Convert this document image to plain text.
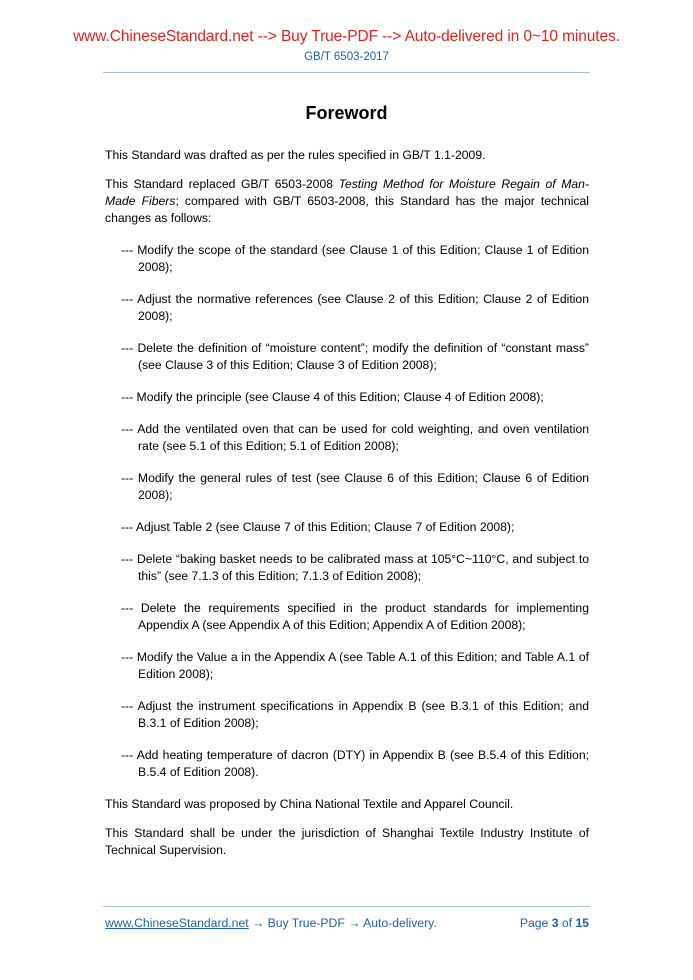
www.ChineseStandard.net --> Buy True-PDF --> Auto-delivered in 0~10 minutes.
GB/T 6503-2017
Foreword

This Standard was drafted as per the rules specified in GB/T 1.1-2009.

This Standard replaced GB/T 6503-2008 Testing Method for Moisture Regain of Man-Made Fibers; compared with GB/T 6503-2008, this Standard has the major technical changes as follows:

--- Modify the scope of the standard (see Clause 1 of this Edition; Clause 1 of Edition 2008);

--- Adjust the normative references (see Clause 2 of this Edition; Clause 2 of Edition 2008);

--- Delete the definition of “moisture content”; modify the definition of “constant mass” (see Clause 3 of this Edition; Clause 3 of Edition 2008);

--- Modify the principle (see Clause 4 of this Edition; Clause 4 of Edition 2008);

--- Add the ventilated oven that can be used for cold weighting, and oven ventilation rate (see 5.1 of this Edition; 5.1 of Edition 2008);

--- Modify the general rules of test (see Clause 6 of this Edition; Clause 6 of Edition 2008);

--- Adjust Table 2 (see Clause 7 of this Edition; Clause 7 of Edition 2008);

--- Delete “baking basket needs to be calibrated mass at 105°C~110°C, and subject to this” (see 7.1.3 of this Edition; 7.1.3 of Edition 2008);

--- Delete the requirements specified in the product standards for implementing Appendix A (see Appendix A of this Edition; Appendix A of Edition 2008);

--- Modify the Value a in the Appendix A (see Table A.1 of this Edition; and Table A.1 of Edition 2008);

--- Adjust the instrument specifications in Appendix B (see B.3.1 of this Edition; and B.3.1 of Edition 2008);

--- Add heating temperature of dacron (DTY) in Appendix B (see B.5.4 of this Edition; B.5.4 of Edition 2008).

This Standard was proposed by China National Textile and Apparel Council.

This Standard shall be under the jurisdiction of Shanghai Textile Industry Institute of Technical Supervision.

www.ChineseStandard.net → Buy True-PDF → Auto-delivery.	Page 3 of 15
